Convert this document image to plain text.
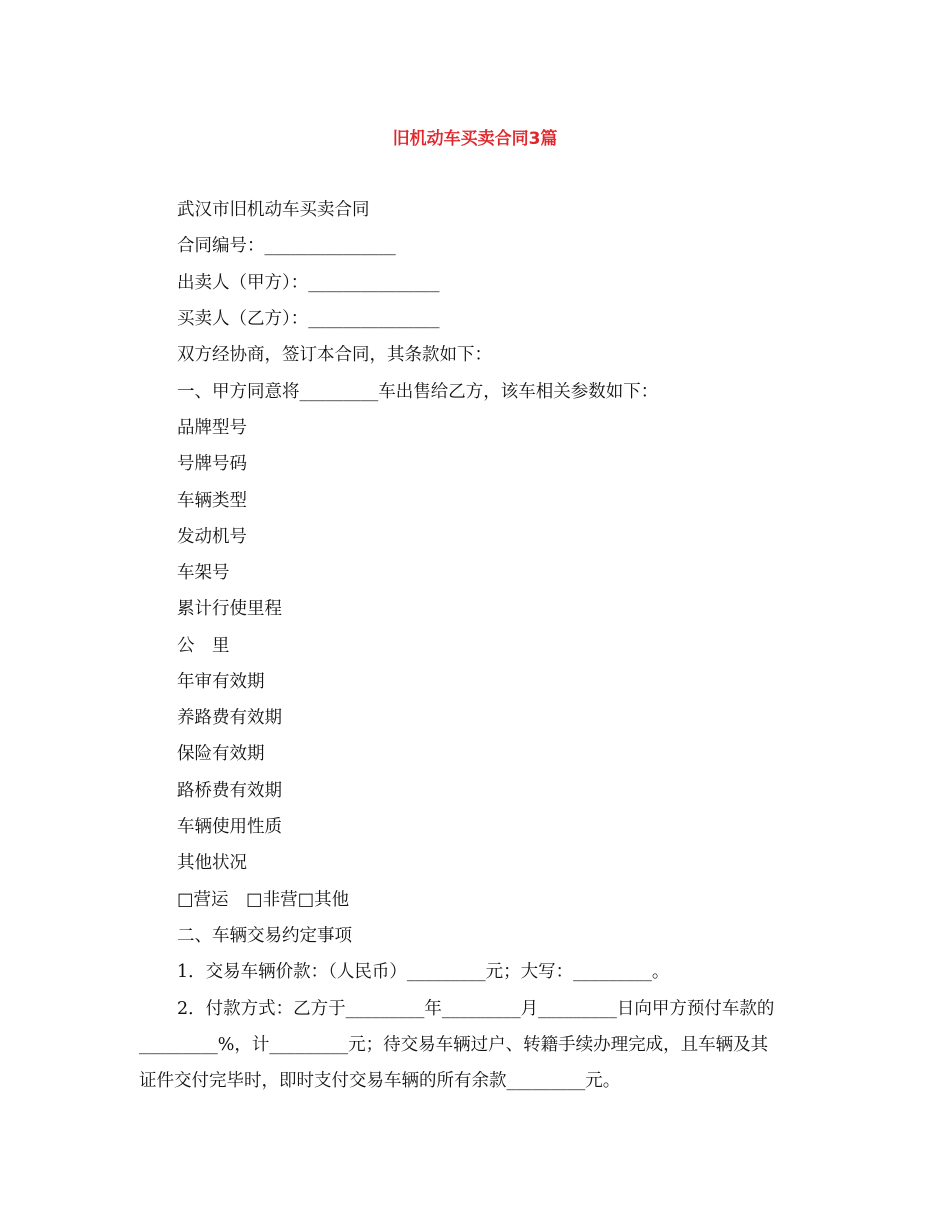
旧机动车买卖合同3篇
武汉市旧机动车买卖合同
合同编号：_______________
出卖人（甲方）：_______________
买卖人（乙方）：_______________
双方经协商，签订本合同，其条款如下：
一、甲方同意将_________车出售给乙方，该车相关参数如下：
品牌型号
号牌号码
车辆类型
发动机号
车架号
累计行使里程
公　里
年审有效期
养路费有效期
保险有效期
路桥费有效期
车辆使用性质
其他状况
□营运　□非营□其他
二、车辆交易约定事项
1．交易车辆价款：（人民币）_________元；大写：_________。
2．付款方式：乙方于_________年_________月_________日向甲方预付车款的
_________%，计_________元；待交易车辆过户、转籍手续办理完成，且车辆及其
证件交付完毕时，即时支付交易车辆的所有余款_________元。
